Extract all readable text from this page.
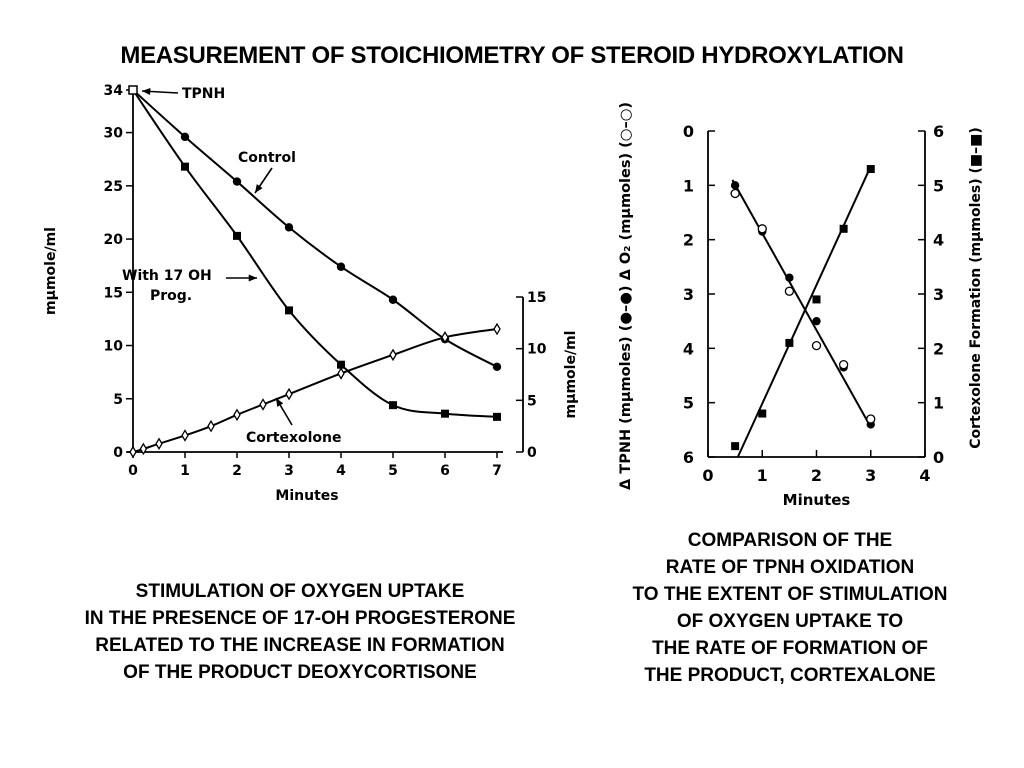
MEASUREMENT OF STOICHIOMETRY OF STEROID HYDROXYLATION
0
5
10
15
20
25
30
34
0	1	2	3	4	5	6	7
0
5
10
15
Minutes
mμmole/ml
mμmole/ml
TPNH
Control
With 17 OH
Prog.
Cortexolone
0
1
2
3
4
5
6	0
1
2
3
4
5
6
0	1	2	3	4
Minutes
Δ TPNH (mμmoles) (●–●) Δ O₂ (mμmoles) (○–○)	Cortexolone Formation (mμmoles) (■–■)
STIMULATION OF OXYGEN UPTAKE
IN THE PRESENCE OF 17-OH PROGESTERONE
RELATED TO THE INCREASE IN FORMATION
OF THE PRODUCT DEOXYCORTISONE
COMPARISON OF THE
RATE OF TPNH OXIDATION
TO THE EXTENT OF STIMULATION
OF OXYGEN UPTAKE TO
THE RATE OF FORMATION OF
THE PRODUCT, CORTEXALONE
